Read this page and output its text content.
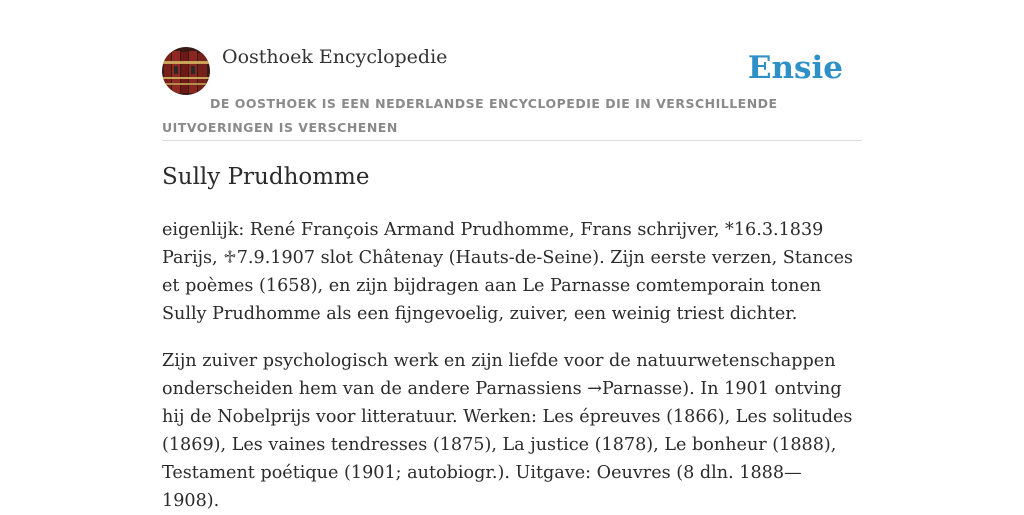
Oosthoek Encyclopedie	Ensie
DE OOSTHOEK IS EEN NEDERLANDSE ENCYCLOPEDIE DIE IN VERSCHILLENDE UITVOERINGEN IS VERSCHENEN
Sully Prudhomme

eigenlijk: René François Armand Prudhomme, Frans schrijver, *16.3.1839 Parijs, ♱7.9.1907 slot Châtenay (Hauts-de-Seine). Zijn eerste verzen, Stances et poèmes (1658), en zijn bijdragen aan Le Parnasse comtemporain tonen Sully Prudhomme als een fijngevoelig, zuiver, een weinig triest dichter.

Zijn zuiver psychologisch werk en zijn liefde voor de natuurwetenschappen onderscheiden hem van de andere Parnassiens →Parnasse). In 1901 ontving hij de Nobelprijs voor litteratuur. Werken: Les épreuves (1866), Les solitudes (1869), Les vaines tendresses (1875), La justice (1878), Le bonheur (1888), Testament poétique (1901; autobiogr.). Uitgave: Oeuvres (8 dln. 1888— 1908).
